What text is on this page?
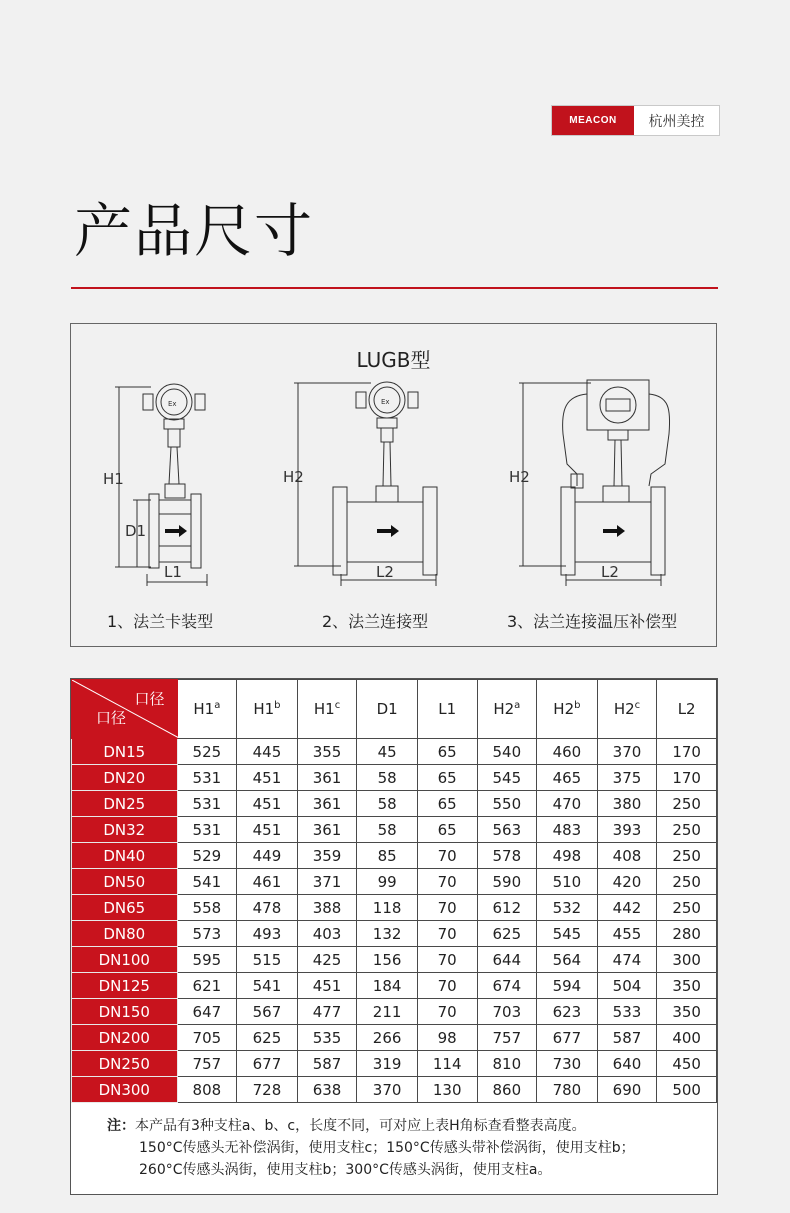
MEACON	杭州美控
产品尺寸
LUGB型
H1
D1
L1
H2
L2
H2
L2
Ex	Ex
1、法兰卡装型	2、法兰连接型	3、法兰连接温压补偿型
口径
口径	H1$^a$	H1$^b$	H1$^c$	D1	L1	H2$^a$	H2$^b$	H2$^c$	L2
DN15	525	445	355	45	65	540	460	370	170
DN20	531	451	361	58	65	545	465	375	170
DN25	531	451	361	58	65	550	470	380	250
DN32	531	451	361	58	65	563	483	393	250
DN40	529	449	359	85	70	578	498	408	250
DN50	541	461	371	99	70	590	510	420	250
DN65	558	478	388	118	70	612	532	442	250
DN80	573	493	403	132	70	625	545	455	280
DN100	595	515	425	156	70	644	564	474	300
DN125	621	541	451	184	70	674	594	504	350
DN150	647	567	477	211	70	703	623	533	350
DN200	705	625	535	266	98	757	677	587	400
DN250	757	677	587	319	114	810	730	640	450
DN300	808	728	638	370	130	860	780	690	500
注：本产品有3种支柱a、b、c，长度不同，可对应上表H角标查看整表高度。
150°C传感头无补偿涡街，使用支柱c；150°C传感头带补偿涡街，使用支柱b；
260°C传感头涡街，使用支柱b；300°C传感头涡街，使用支柱a。
